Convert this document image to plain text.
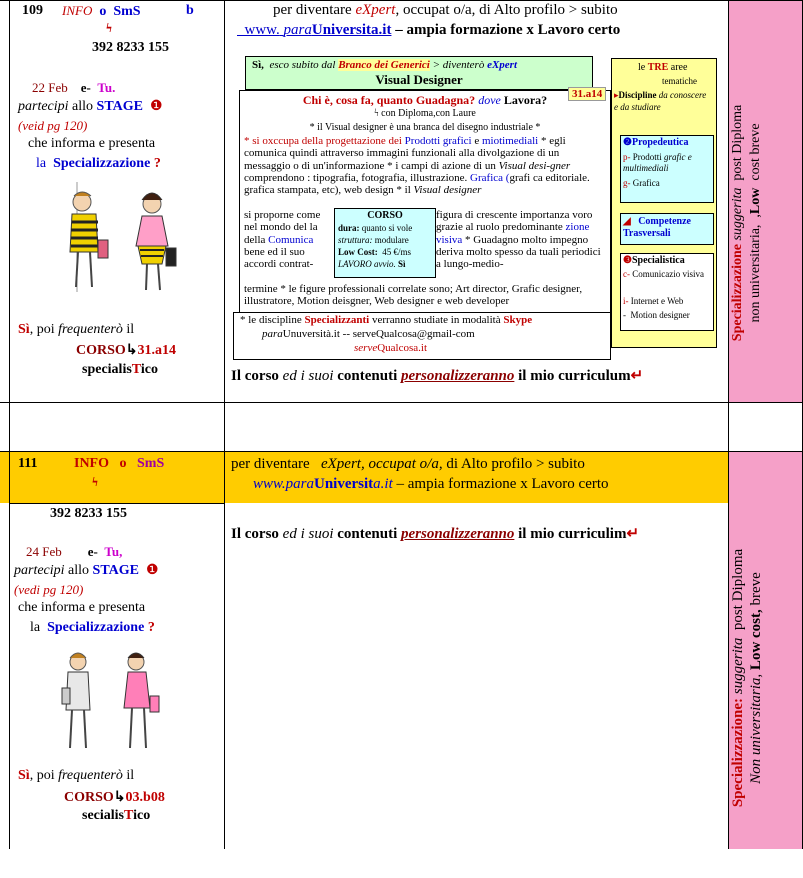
109 INFO o SmS	b
ϟ
392 8233 155
22 Feb e- Tu.
partecipi allo STAGE ❶
(veid pg 120)
che informa e presenta
la Specializzazione ?
Sì, poi frequenterò il
CORSO↳31.a14
specialisTico
per diventare eXpert, occupat o/a, di Alto profilo > subito
www. paraUniversita.it – ampia formazione x Lavoro certo
Sì, esco subito dal Branco dei Generici > diventerò eXpert
Visual Designer
31.a14
Chi è, cosa fa, quanto Guadagna? dove Lavora?
ϟ con Diploma,con Laure
* il Visual designer è una branca del disegno industriale *
* si oxccupa della progettazione dei Prodotti grafici e miotimediali * egli comunica quindi attraverso immagini funzionali alla divolgazione di un messaggio o di un'informazione * i campi di azione di un Visual desi-gner comprendono : tipografia, fotografia, illustrazione. Grafica (grafi ca editoriale. grafica stampata, etc), web design * il Visual designer
si proporne come nel mondo del la della Comunica bene ed il suo accordi contrat-
figura di crescente importanza voro grazie al ruolo predominante zione visiva * Guadagno molto impegno deriva molto spesso da tuali periodici a lungo-medio-
CORSO
dura: quanto si vole
struttura: modulare
Low Cost: 45 €/ms
LAVORO avvio. Sì
termine * le figure professionali correlate sono; Art director, Grafic designer, illustratore, Motion deisgner, Web designer e web developer
* le discipline Specializzanti verranno studiate in modalità Skype
paraUnuversità.it -- serveQualcosa@gmail-com
serveQualcosa.it
le TRE aree
tematiche
▸Discipline da conoscere e da studiare
❷Propedeutica
p- Prodotti grafic e multimediali
g- Grafica
◢ Competenze Trasversali
❸Specialistica
c- Comunicazio visiva
i- Internet e Web
- Motion designer
Il corso ed i suoi contenuti personalizzeranno il mio curriculum↵
Specializzazione suggerita  post Diploma
non universitaria,  ,Low  cost breve
111	INFO o SmS
ϟ
392 8233 155
24 Feb e- Tu,
partecipi allo STAGE ❶
(vedi pg 120)
che informa e presenta
la Specializzazione ?
Sì, poi frequenterò il
CORSO↳03.b08
secialisTico
per diventare eXpert, occupat o/a, di Alto profilo > subito
www.paraUniversita.it – ampia formazione x Lavoro certo
Il corso ed i suoi contenuti personalizzeranno il mio curriculim↵
Specializzazione: suggerita  post Diploma
Non universitaria, Low cost, breve
